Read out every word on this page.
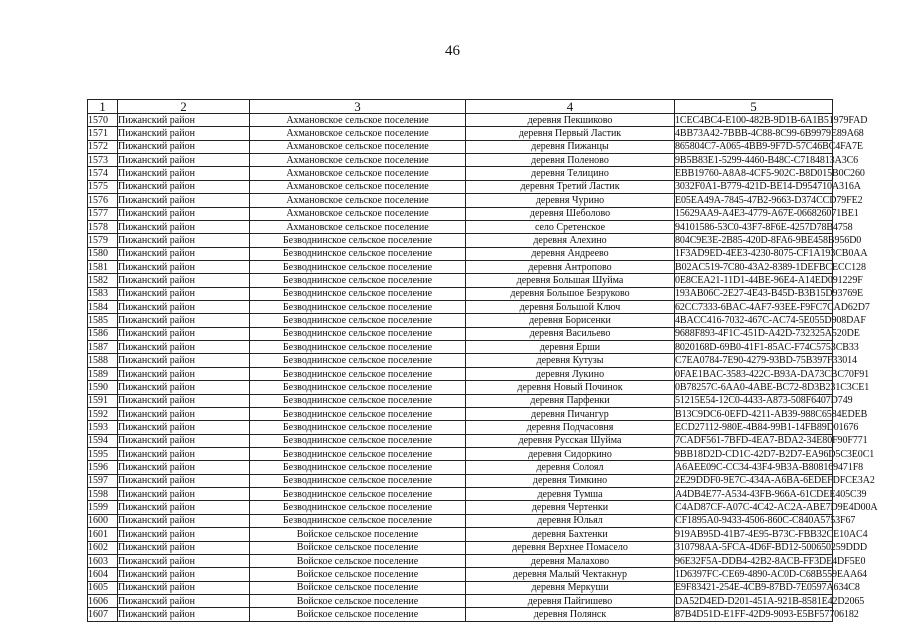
46
1	2	3	4	5
1570	Пижанский район	Ахмановское сельское поселение	деревня Пекшиково	1CEC4BC4-E100-482B-9D1B-6A1B51979FAD
1571	Пижанский район	Ахмановское сельское поселение	деревня Первый Ластик	4BB73A42-7BBB-4C88-8C99-6B9979E89A68
1572	Пижанский район	Ахмановское сельское поселение	деревня Пижанцы	865804C7-A065-4BB9-9F7D-57C46BC4FA7E
1573	Пижанский район	Ахмановское сельское поселение	деревня Поленово	9B5B83E1-5299-4460-B48C-C7184813A3C6
1574	Пижанский район	Ахмановское сельское поселение	деревня Телицино	EBB19760-A8A8-4CF5-902C-B8D015B0C260
1575	Пижанский район	Ахмановское сельское поселение	деревня Третий Ластик	3032F0A1-B779-421D-BE14-D954710A316A
1576	Пижанский район	Ахмановское сельское поселение	деревня Чурино	E05EA49A-7845-47B2-9663-D374CCD79FE2
1577	Пижанский район	Ахмановское сельское поселение	деревня Шеболово	15629AA9-A4E3-4779-A67E-066826071BE1
1578	Пижанский район	Ахмановское сельское поселение	село Сретенское	94101586-53C0-43F7-8F6E-4257D78B4758
1579	Пижанский район	Безводнинское сельское поселение	деревня Алехино	804C9E3E-2B85-420D-8FA6-9BE458B956D0
1580	Пижанский район	Безводнинское сельское поселение	деревня Андреево	1F3AD9ED-4EE3-4230-8075-CF1A193CB0AA
1581	Пижанский район	Безводнинское сельское поселение	деревня Антропово	B02AC519-7C80-43A2-8389-1DEFBCECC128
1582	Пижанский район	Безводнинское сельское поселение	деревня Большая Шуйма	0E8CEA21-11D1-44BE-96E4-A14ED091229F
1583	Пижанский район	Безводнинское сельское поселение	деревня Большое Безруково	193AB06C-2E27-4E43-B45D-B3B15D93769E
1584	Пижанский район	Безводнинское сельское поселение	деревня Большой Ключ	62CC7333-6BAC-4AF7-93EE-F9FC7CAD62D7
1585	Пижанский район	Безводнинское сельское поселение	деревня Борисенки	4BACC416-7032-467C-AC74-5E055D908DAF
1586	Пижанский район	Безводнинское сельское поселение	деревня Васильево	9688F893-4F1C-451D-A42D-732325A520DE
1587	Пижанский район	Безводнинское сельское поселение	деревня Ерши	8020168D-69B0-41F1-85AC-F74C5753CB33
1588	Пижанский район	Безводнинское сельское поселение	деревня Кутузы	C7EA0784-7E90-4279-93BD-75B397F33014
1589	Пижанский район	Безводнинское сельское поселение	деревня Лукино	0FAE1BAC-3583-422C-B93A-DA73CBC70F91
1590	Пижанский район	Безводнинское сельское поселение	деревня Новый Починок	0B78257C-6AA0-4ABE-BC72-8D3B231C3CE1
1591	Пижанский район	Безводнинское сельское поселение	деревня Парфенки	51215E54-12C0-4433-A873-508F6407D749
1592	Пижанский район	Безводнинское сельское поселение	деревня Пичангур	B13C9DC6-0EFD-4211-AB39-988C6584EDEB
1593	Пижанский район	Безводнинское сельское поселение	деревня Подчасовня	ECD27112-980E-4B84-99B1-14FB89D01676
1594	Пижанский район	Безводнинское сельское поселение	деревня Русская Шуйма	7CADF561-7BFD-4EA7-BDA2-34E80F90F771
1595	Пижанский район	Безводнинское сельское поселение	деревня Сидоркино	9BB18D2D-CD1C-42D7-B2D7-EA96D5C3E0C1
1596	Пижанский район	Безводнинское сельское поселение	деревня Солоял	A6AEE09C-CC34-43F4-9B3A-B808169471F8
1597	Пижанский район	Безводнинское сельское поселение	деревня Тимкино	2E29DDF0-9E7C-434A-A6BA-6EDEFDFCE3A2
1598	Пижанский район	Безводнинское сельское поселение	деревня Тумша	A4DB4E77-A534-43FB-966A-61CDEE405C39
1599	Пижанский район	Безводнинское сельское поселение	деревня Чертенки	C4AD87CF-A07C-4C42-AC2A-ABE7D9E4D00A
1600	Пижанский район	Безводнинское сельское поселение	деревня Юльял	CF1895A0-9433-4506-860C-C840A5753F67
1601	Пижанский район	Войское сельское поселение	деревня Бахтенки	919AB95D-41B7-4E95-B73C-FBB32CE10AC4
1602	Пижанский район	Войское сельское поселение	деревня Верхнее Помасело	310798AA-5FCA-4D6F-BD12-500650259DDD
1603	Пижанский район	Войское сельское поселение	деревня Малахово	96E32F5A-DDB4-42B2-8ACB-FF3DE4DF5E0
1604	Пижанский район	Войское сельское поселение	деревня Малый Чектакнур	1D6397FC-CE69-4890-AC0D-C68B559EAA64
1605	Пижанский район	Войское сельское поселение	деревня Меркуши	E9F83421-254E-4CB9-87BD-7E0597A634C8
1606	Пижанский район	Войское сельское поселение	деревня Пайгишево	DA52D4ED-D201-451A-921B-8581E42D2065
1607	Пижанский район	Войское сельское поселение	деревня Полянск	87B4D51D-E1FF-42D9-9093-E5BF57706182
